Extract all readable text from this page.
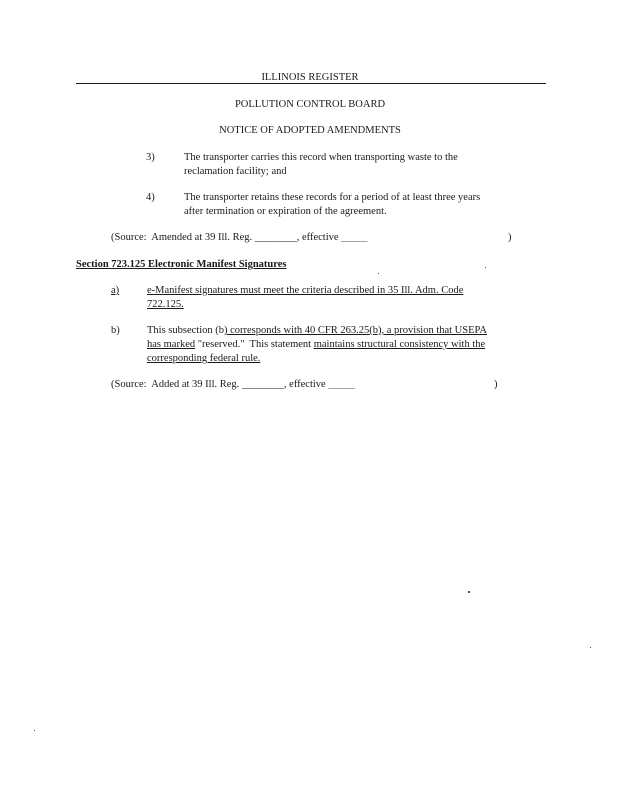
ILLINOIS REGISTER
POLLUTION CONTROL BOARD
NOTICE OF ADOPTED AMENDMENTS
3)	The transporter carries this record when transporting waste to the
reclamation facility; and
4)	The transporter retains these records for a period of at least three years
after termination or expiration of the agreement.
(Source:  Amended at 39 Ill. Reg. ________, effective _____	)
Section 723.125 Electronic Manifest Signatures
a)	e-Manifest signatures must meet the criteria described in 35 Ill. Adm. Code
722.125.
b)	This subsection (b) corresponds with 40 CFR 263.25(b), a provision that USEPA
has marked "reserved."  This statement maintains structural consistency with the
corresponding federal rule.
(Source:  Added at 39 Ill. Reg. ________, effective _____	)
